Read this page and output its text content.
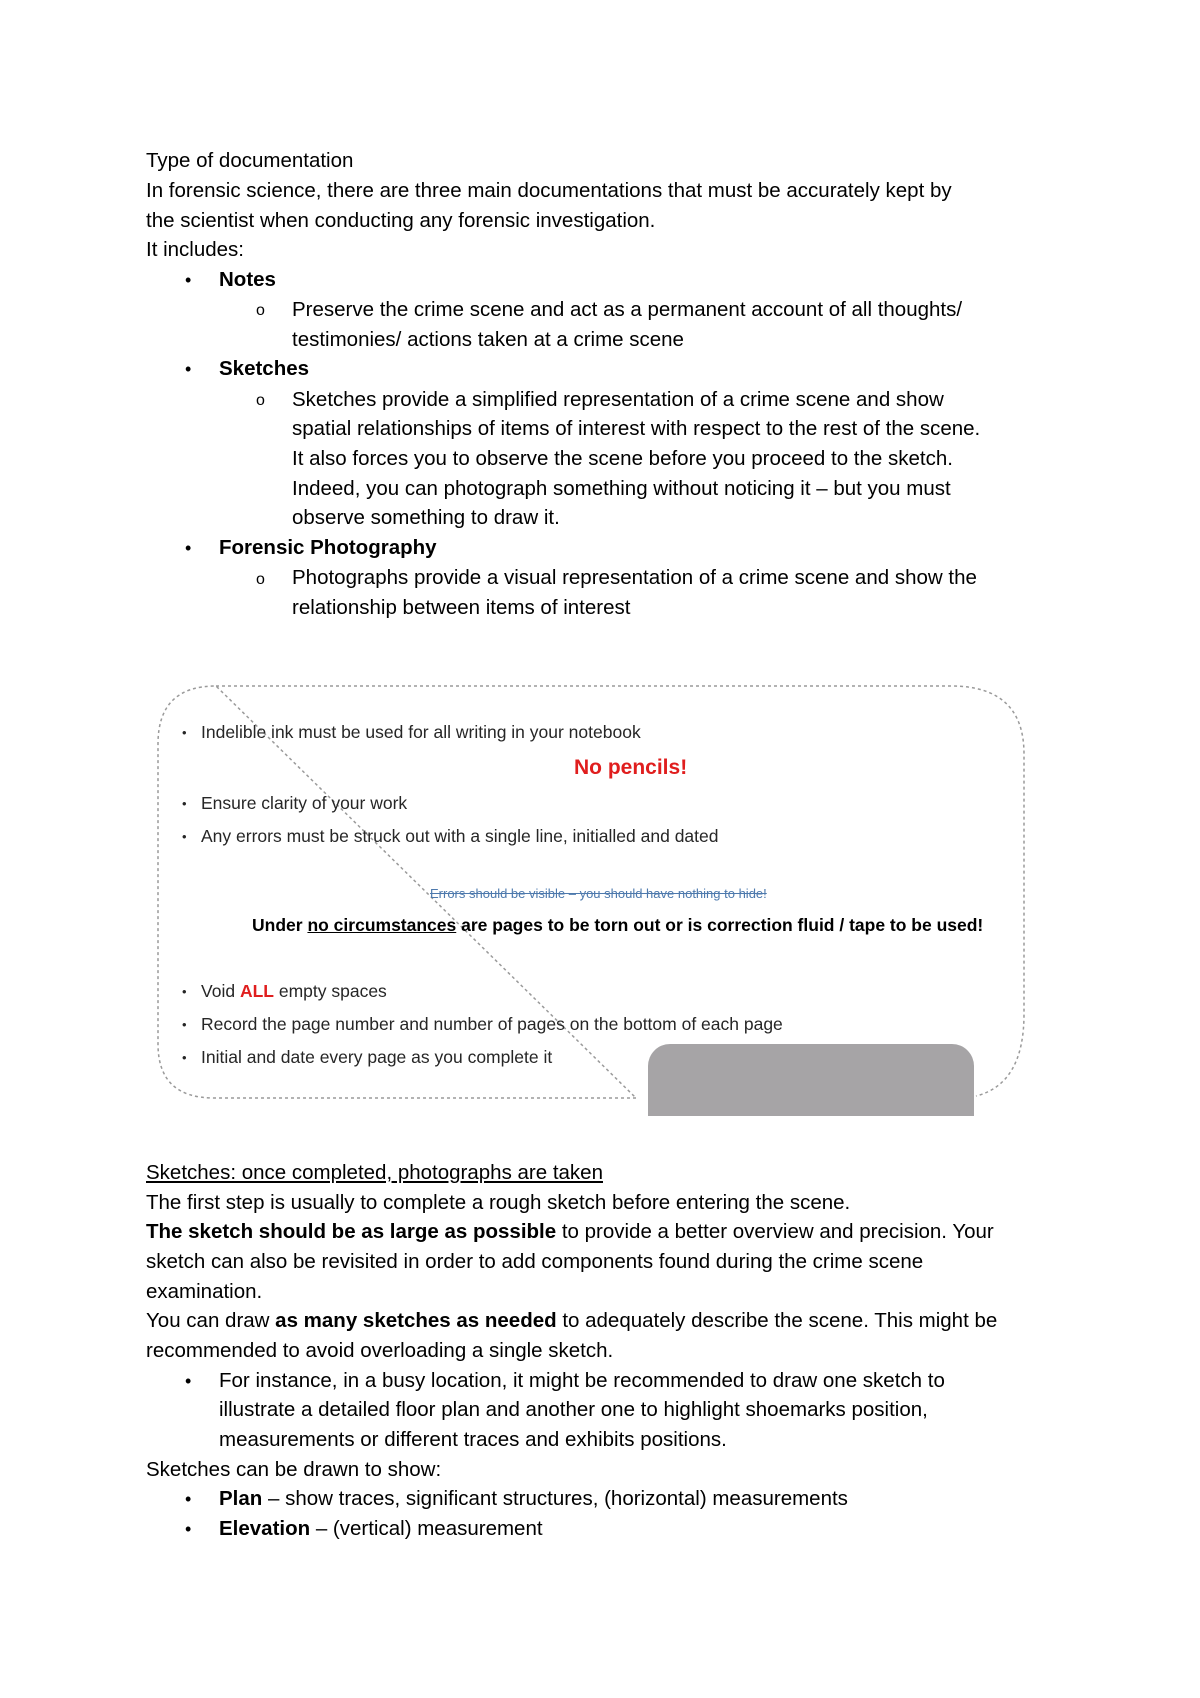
Type of documentation
In forensic science, there are three main documentations that must be accurately kept by
the scientist when conducting any forensic investigation.
It includes:
• Notes
o Preserve the crime scene and act as a permanent account of all thoughts/
testimonies/ actions taken at a crime scene
• Sketches
o Sketches provide a simplified representation of a crime scene and show
spatial relationships of items of interest with respect to the rest of the scene.
It also forces you to observe the scene before you proceed to the sketch.
Indeed, you can photograph something without noticing it – but you must
observe something to draw it.
• Forensic Photography
o Photographs provide a visual representation of a crime scene and show the
relationship between items of interest
• Indelible ink must be used for all writing in your notebook
No pencils!
• Ensure clarity of your work
• Any errors must be struck out with a single line, initialled and dated
Errors should be visible – you should have nothing to hide!
Under no circumstances are pages to be torn out or is correction fluid / tape to be used!
• Void ALL empty spaces
• Record the page number and number of pages on the bottom of each page
• Initial and date every page as you complete it
Sketches: once completed, photographs are taken
The first step is usually to complete a rough sketch before entering the scene.
The sketch should be as large as possible to provide a better overview and precision. Your
sketch can also be revisited in order to add components found during the crime scene
examination.
You can draw as many sketches as needed to adequately describe the scene. This might be
recommended to avoid overloading a single sketch.
• For instance, in a busy location, it might be recommended to draw one sketch to
illustrate a detailed floor plan and another one to highlight shoemarks position,
measurements or different traces and exhibits positions.
Sketches can be drawn to show:
• Plan – show traces, significant structures, (horizontal) measurements
• Elevation – (vertical) measurement
